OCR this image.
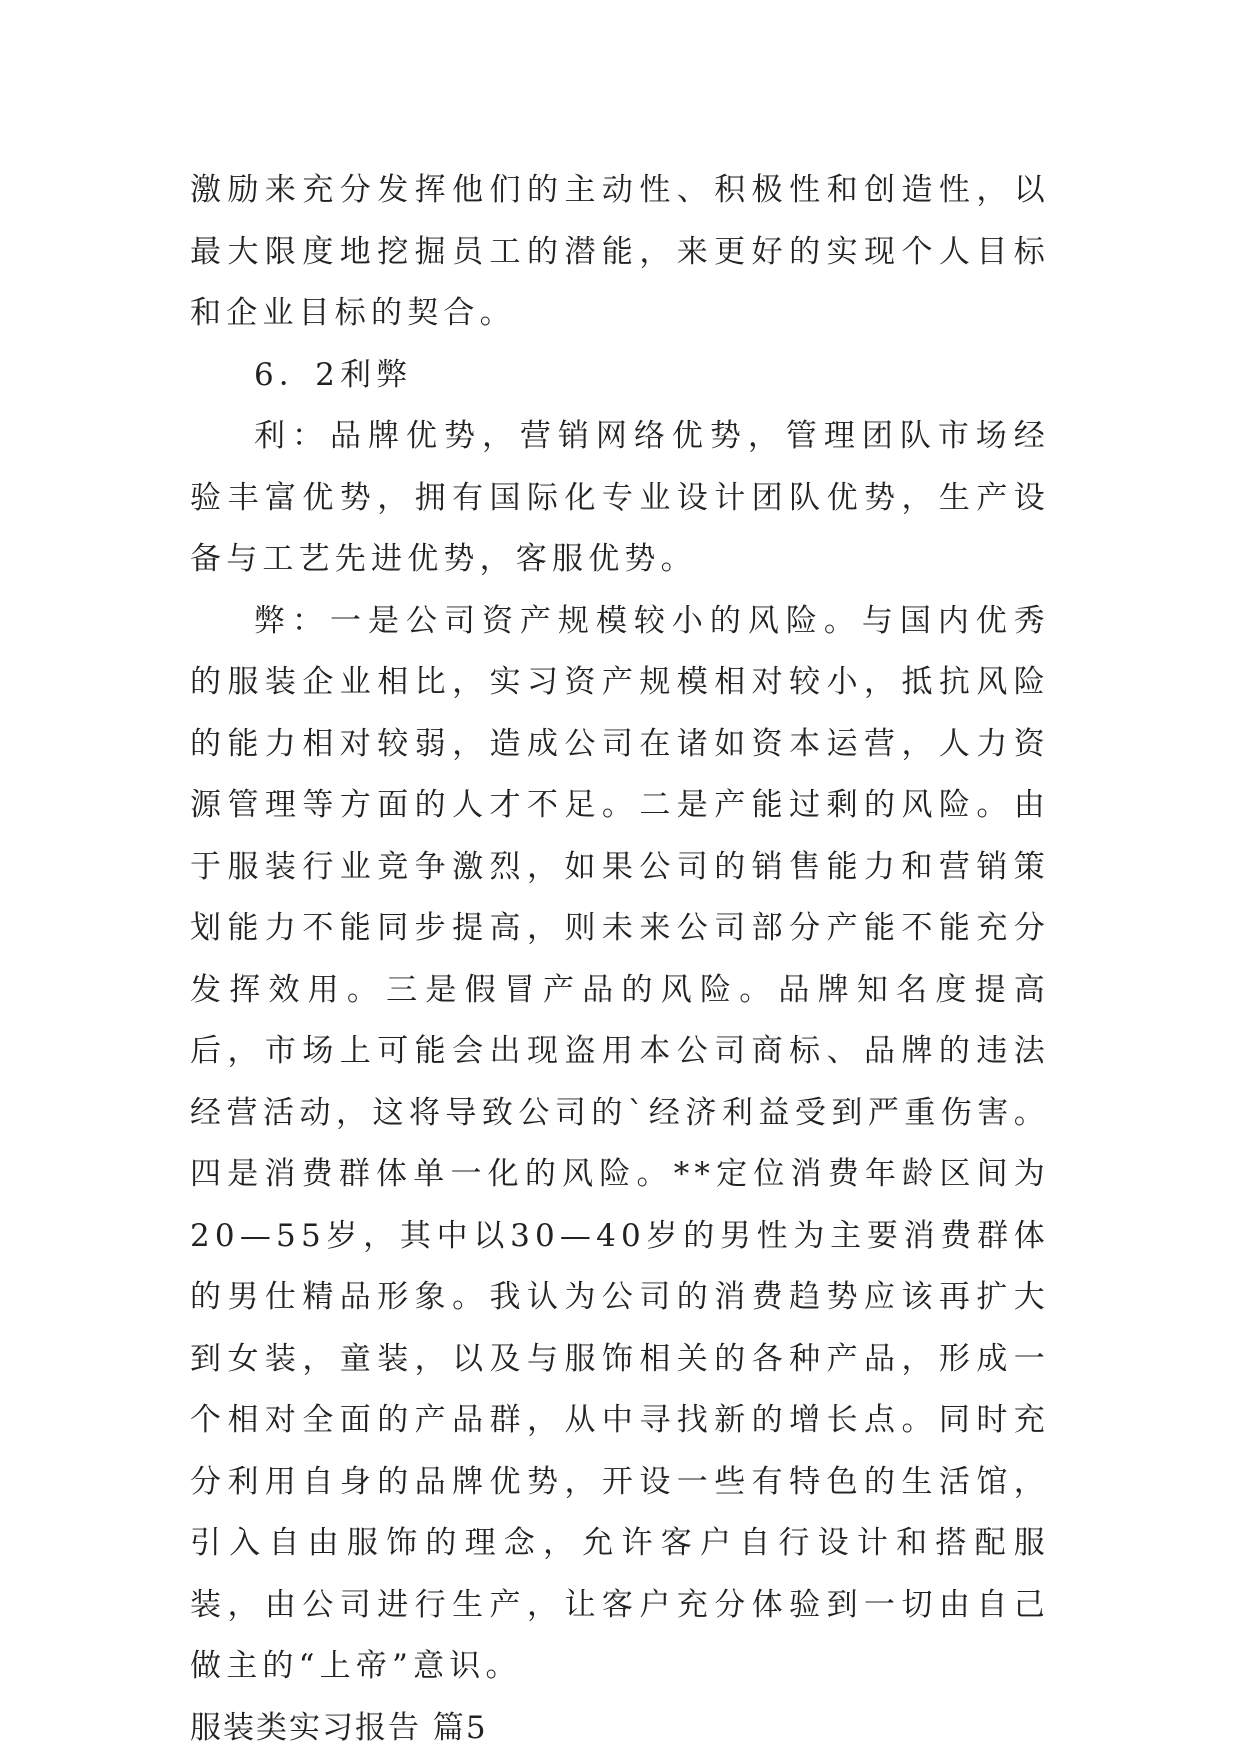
激励来充分发挥他们的主动性、积极性和创造性，以最大限度地挖掘员工的潜能，来更好的实现个人目标和企业目标的契合。

6．2利弊

利：品牌优势，营销网络优势，管理团队市场经验丰富优势，拥有国际化专业设计团队优势，生产设备与工艺先进优势，客服优势。

弊：一是公司资产规模较小的风险。与国内优秀的服装企业相比，实习资产规模相对较小，抵抗风险的能力相对较弱，造成公司在诸如资本运营，人力资源管理等方面的人才不足。二是产能过剩的风险。由于服装行业竞争激烈，如果公司的销售能力和营销策划能力不能同步提高，则未来公司部分产能不能充分发挥效用。三是假冒产品的风险。品牌知名度提高后，市场上可能会出现盗用本公司商标、品牌的违法经营活动，这将导致公司的`经济利益受到严重伤害。四是消费群体单一化的风险。**定位消费年龄区间为20—55岁，其中以30—40岁的男性为主要消费群体的男仕精品形象。我认为公司的消费趋势应该再扩大到女装，童装，以及与服饰相关的各种产品，形成一个相对全面的产品群，从中寻找新的增长点。同时充分利用自身的品牌优势，开设一些有特色的生活馆，引入自由服饰的理念，允许客户自行设计和搭配服装，由公司进行生产，让客户充分体验到一切由自己做主的“上帝”意识。

服装类实习报告 篇5
